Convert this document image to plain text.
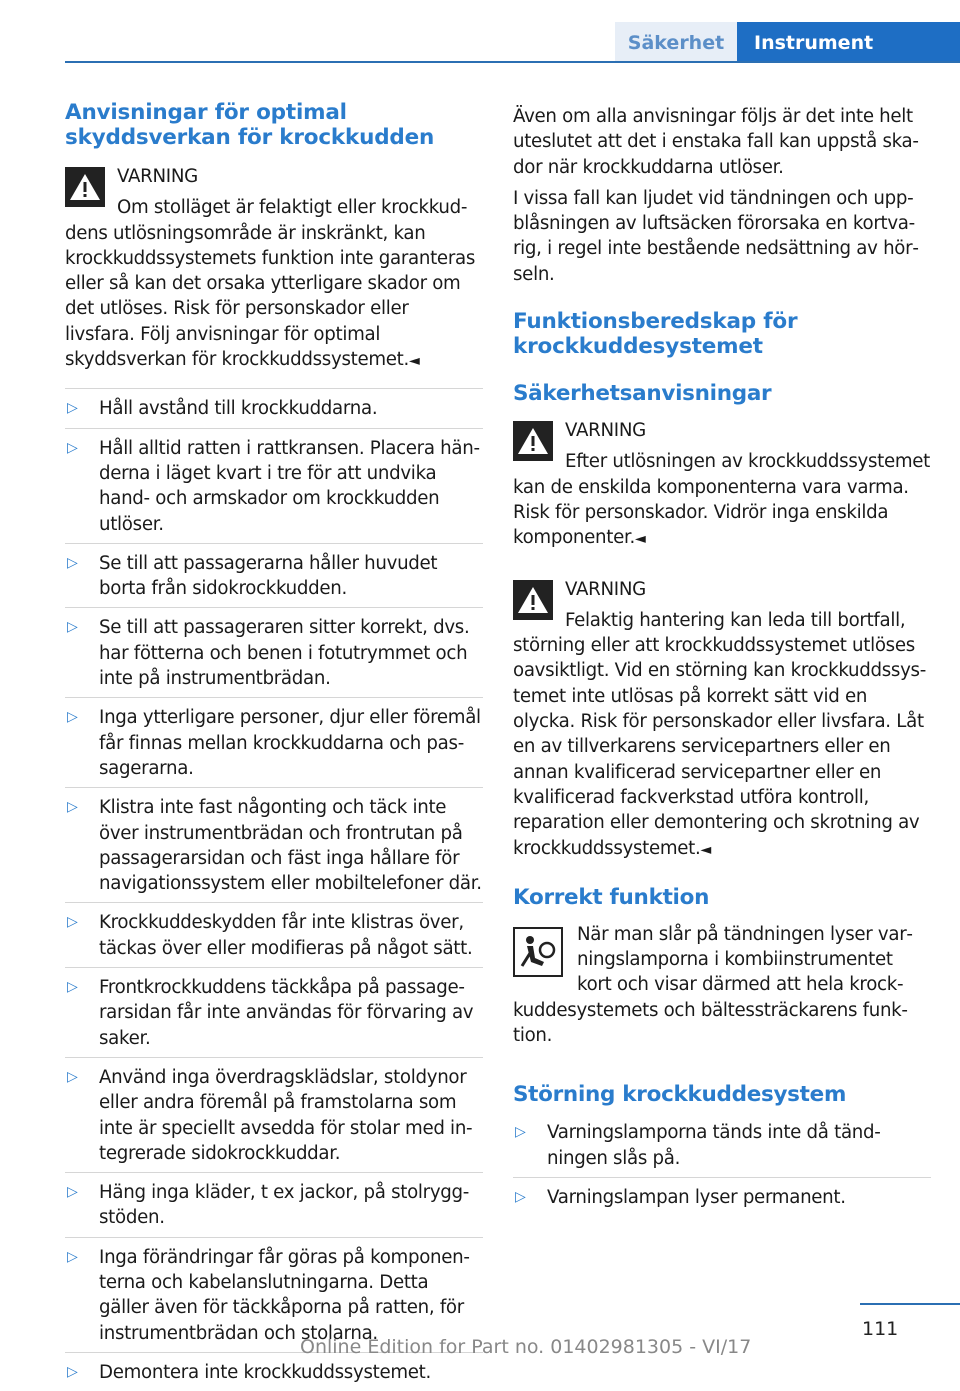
Säkerhet	Instrument
Anvisningar för optimal skyddsverkan för krockkudden
VARNING

Om stolläget är felaktigt eller krockkuddens utlösningsområde är inskränkt, kan krockkuddssystemets funktion inte garanteras eller så kan det orsaka ytterligare skador om det utlöses. Risk för personskador eller livsfara. Följ anvisningar för optimal skyddsverkan för krockkuddssystemet.◄

▷ Håll avstånd till krockkuddarna.
▷ Håll alltid ratten i rattkransen. Placera händerna i läget kvart i tre för att undvika hand- och armskador om krockkudden utlöser.
▷ Se till att passagerarna håller huvudet borta från sidokrockkudden.
▷ Se till att passageraren sitter korrekt, dvs. har fötterna och benen i fotutrymmet och inte på instrumentbrädan.
▷ Inga ytterligare personer, djur eller föremål får finnas mellan krockkuddarna och passagerarna.
▷ Klistra inte fast någonting och täck inte över instrumentbrädan och frontrutan på passagerarsidan och fäst inga hållare för navigationssystem eller mobiltelefoner där.
▷ Krockkuddeskydden får inte klistras över, täckas över eller modifieras på något sätt.
▷ Frontkrockkuddens täckkåpa på passagerarsidan får inte användas för förvaring av saker.
▷ Använd inga överdragsklädslar, stoldynor eller andra föremål på framstolarna som inte är speciellt avsedda för stolar med integrerade sidokrockkuddar.
▷ Häng inga kläder, t ex jackor, på stolryggstöden.
▷ Inga förändringar får göras på komponenterna och kabelanslutningarna. Detta gäller även för täckkåporna på ratten, för instrumentbrädan och stolarna.
▷ Demontera inte krockkuddssystemet.

Även om alla anvisningar följs är det inte helt uteslutet att det i enstaka fall kan uppstå skador när krockkuddarna utlöser.

I vissa fall kan ljudet vid tändningen och uppblåsningen av luftsäcken förorsaka en kortvarig, i regel inte bestående nedsättning av hörseln.

Funktionsberedskap för krockkuddesystemet
Säkerhetsanvisningar
VARNING

Efter utlösningen av krockkuddssystemet kan de enskilda komponenterna vara varma. Risk för personskador. Vidrör inga enskilda komponenter.◄

VARNING

Felaktig hantering kan leda till bortfall, störning eller att krockkuddssystemet utlöses oavsiktligt. Vid en störning kan krockkuddssystemet inte utlösas på korrekt sätt vid en olycka. Risk för personskador eller livsfara. Låt en av tillverkarens servicepartners eller en annan kvalificerad servicepartner eller en kvalificerad fackverkstad utföra kontroll, reparation eller demontering och skrotning av krockkuddssystemet.◄

Korrekt funktion

När man slår på tändningen lyser varningslamporna i kombiinstrumentet kort och visar därmed att hela krockkuddesystemets och bältessträckarens funktion.

Störning krockkuddesystem
▷ Varningslamporna tänds inte då tändningen slås på.
▷ Varningslampan lyser permanent.
111
Online Edition for Part no. 01402981305 - VI/17
